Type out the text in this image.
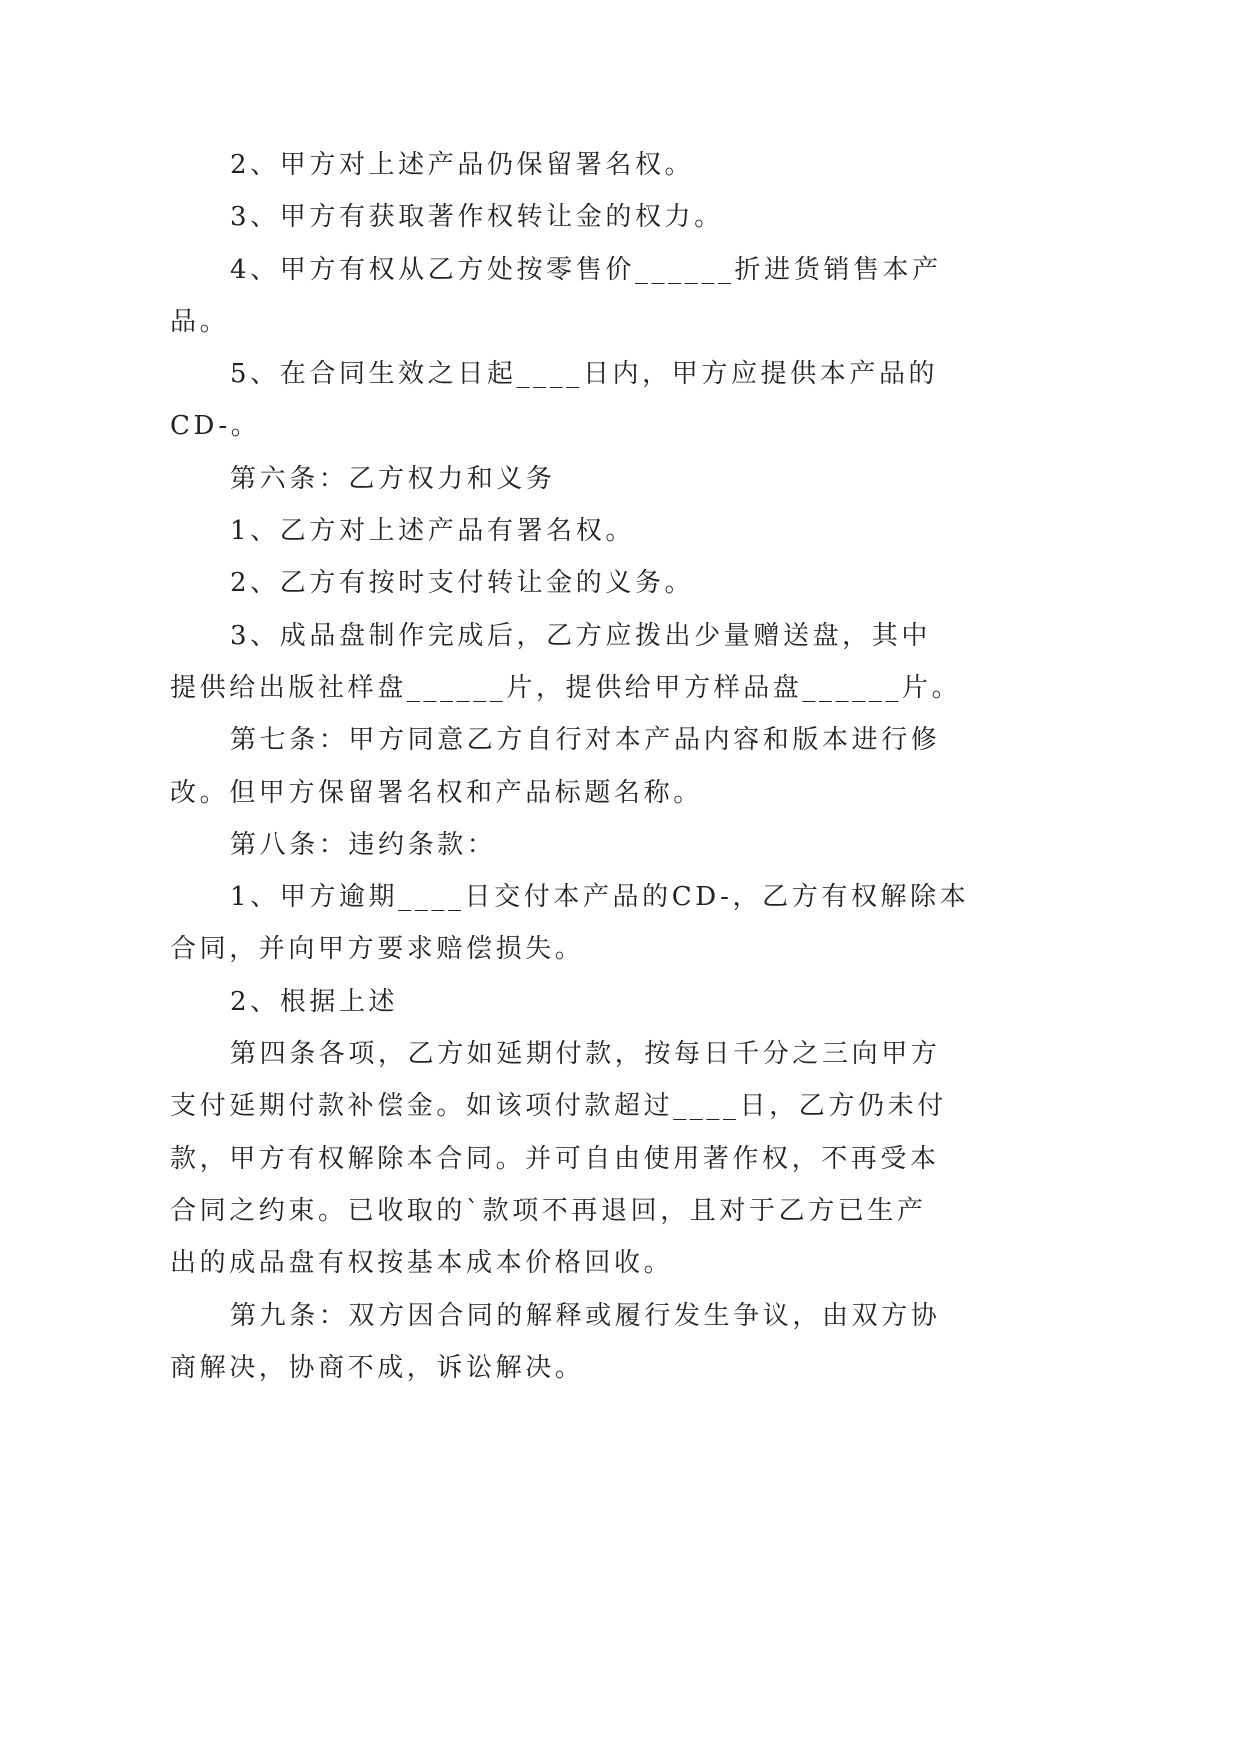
2、甲方对上述产品仍保留署名权。
3、甲方有获取著作权转让金的权力。
4、甲方有权从乙方处按零售价______折进货销售本产
品。
5、在合同生效之日起____日内，甲方应提供本产品的
CD-。
第六条：乙方权力和义务
1、乙方对上述产品有署名权。
2、乙方有按时支付转让金的义务。
3、成品盘制作完成后，乙方应拨出少量赠送盘，其中
提供给出版社样盘______片，提供给甲方样品盘______片。
第七条：甲方同意乙方自行对本产品内容和版本进行修
改。但甲方保留署名权和产品标题名称。
第八条：违约条款：
1、甲方逾期____日交付本产品的CD-，乙方有权解除本
合同，并向甲方要求赔偿损失。
2、根据上述
第四条各项，乙方如延期付款，按每日千分之三向甲方
支付延期付款补偿金。如该项付款超过____日，乙方仍未付
款，甲方有权解除本合同。并可自由使用著作权，不再受本
合同之约束。已收取的`款项不再退回，且对于乙方已生产
出的成品盘有权按基本成本价格回收。
第九条：双方因合同的解释或履行发生争议，由双方协
商解决，协商不成，诉讼解决。
